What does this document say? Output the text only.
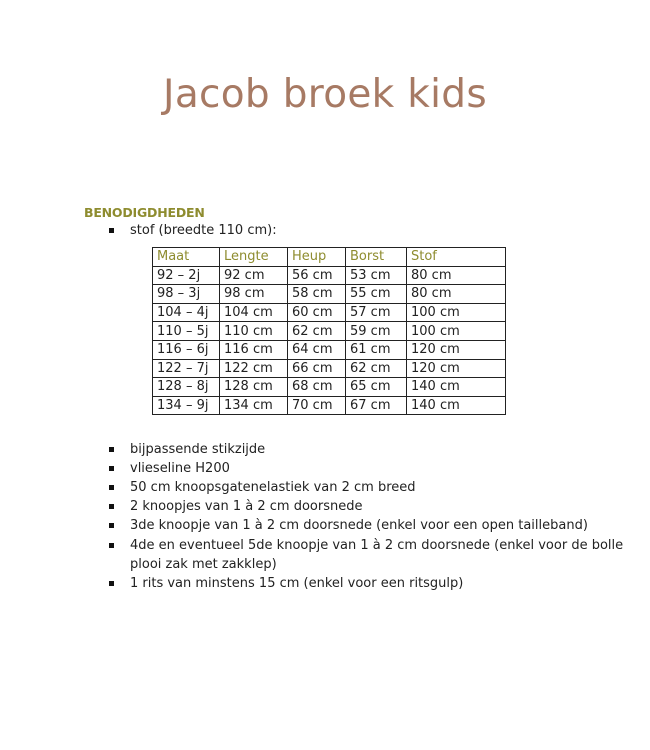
Jacob broek kids
BENODIGDHEDEN
stof (breedte 110 cm):
Maat	Lengte	Heup	Borst	Stof
92 – 2j	92 cm	56 cm	53 cm	80 cm
98 – 3j	98 cm	58 cm	55 cm	80 cm
104 – 4j	104 cm	60 cm	57 cm	100 cm
110 – 5j	110 cm	62 cm	59 cm	100 cm
116 – 6j	116 cm	64 cm	61 cm	120 cm
122 – 7j	122 cm	66 cm	62 cm	120 cm
128 – 8j	128 cm	68 cm	65 cm	140 cm
134 – 9j	134 cm	70 cm	67 cm	140 cm
bijpassende stikzijde
vlieseline H200
50 cm knoopsgatenelastiek van 2 cm breed
2 knoopjes van 1 à 2 cm doorsnede
3de knoopje van 1 à 2 cm doorsnede (enkel voor een open tailleband)
4de en eventueel 5de knoopje van 1 à 2 cm doorsnede (enkel voor de bolle
plooi zak met zakklep)
1 rits van minstens 15 cm (enkel voor een ritsgulp)
